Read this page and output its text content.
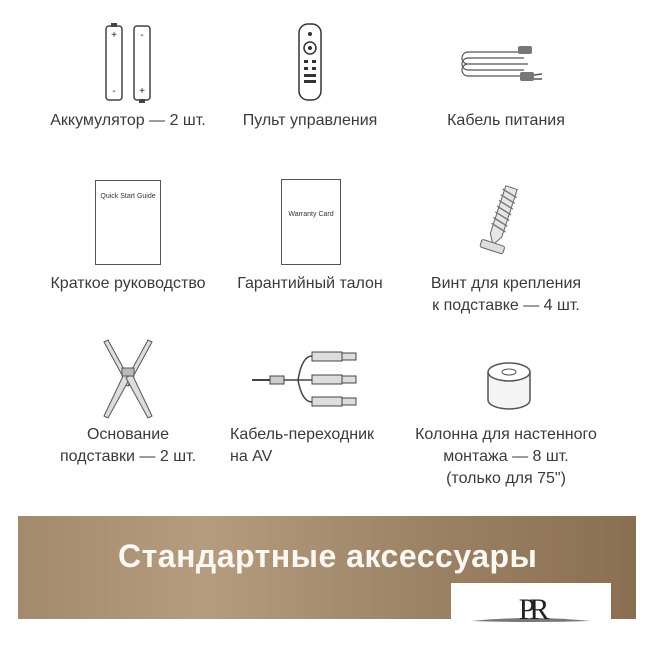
+
-
-
+
Аккумулятор — 2 шт.	Пульт управления	Кабель питания
Quick Start Guide
Краткое руководство
Warranty Card
Гарантийный талон	Винт для крепления
к подставке — 4 шт.
Основание
подставки — 2 шт.
Кабель-переходник
на AV
Колонна для настенного
монтажа — 8 шт.
(только для 75")
Стандартные аксессуары
PR
